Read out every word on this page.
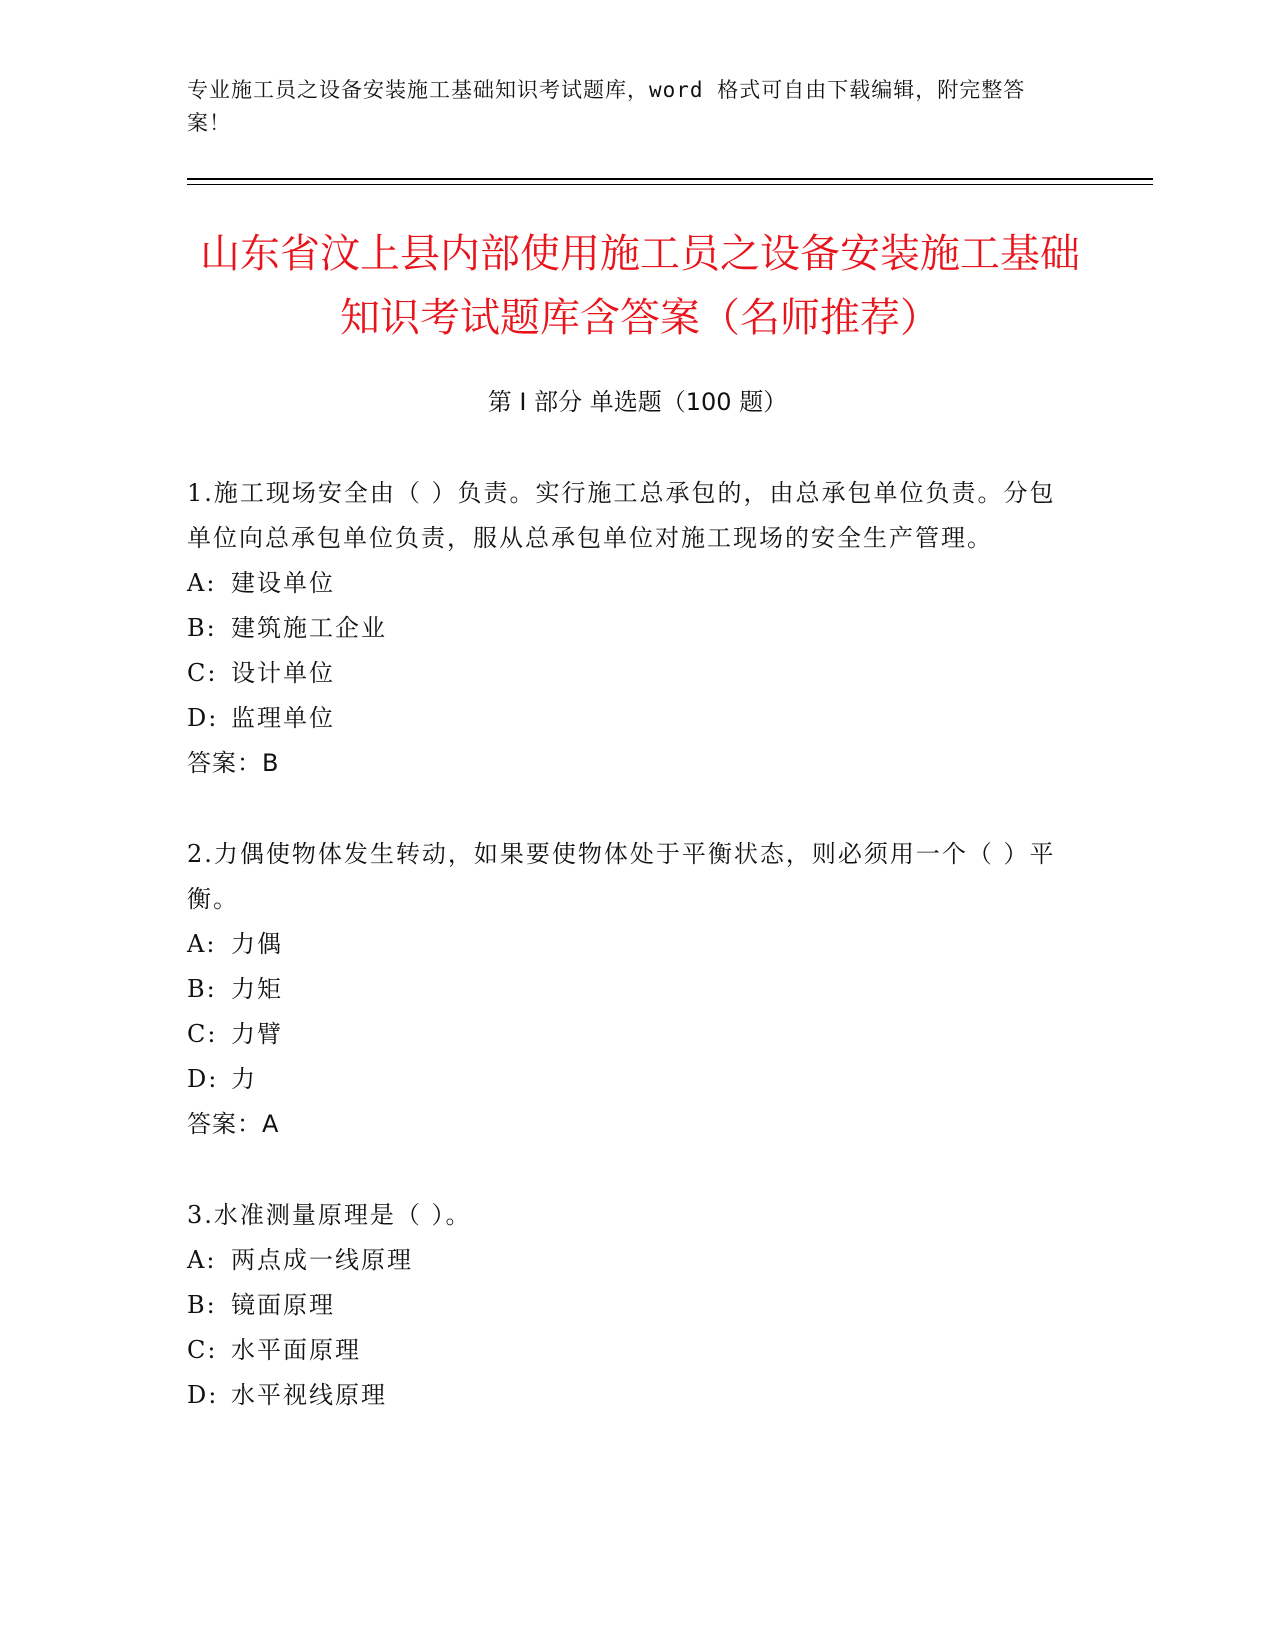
专业施工员之设备安装施工基础知识考试题库，word 格式可自由下载编辑，附完整答案！
山东省汶上县内部使用施工员之设备安装施工基础知识考试题库含答案（名师推荐）
第 I 部分 单选题（100 题）
1.施工现场安全由（ ）负责。实行施工总承包的，由总承包单位负责。分包单位向总承包单位负责，服从总承包单位对施工现场的安全生产管理。
A: 建设单位
B: 建筑施工企业
C: 设计单位
D: 监理单位
答案：B
2.力偶使物体发生转动，如果要使物体处于平衡状态，则必须用一个（ ）平衡。
A: 力偶
B: 力矩
C: 力臂
D: 力
答案：A
3.水准测量原理是（ ）。
A: 两点成一线原理
B: 镜面原理
C: 水平面原理
D: 水平视线原理
